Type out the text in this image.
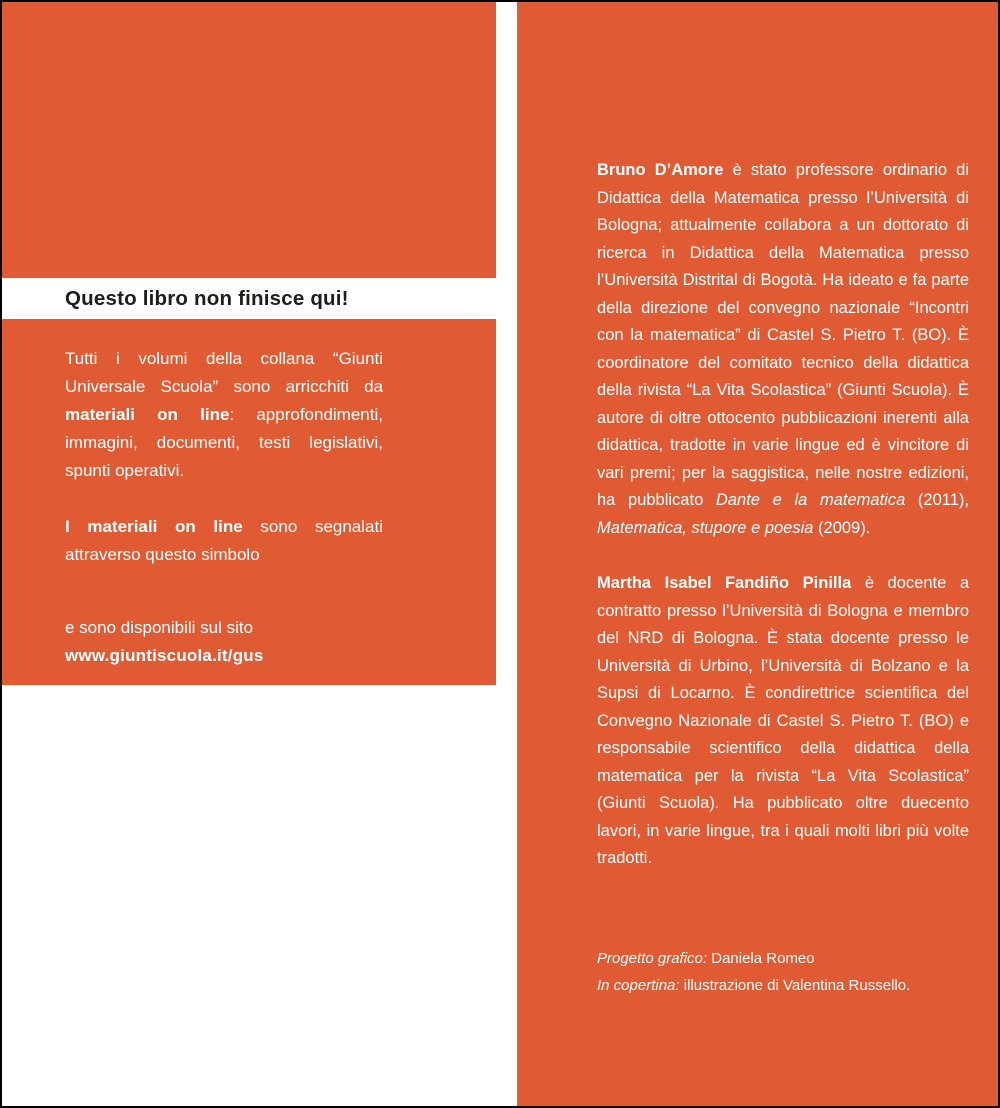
Questo libro non finisce qui!

Tutti i volumi della collana “Giunti Universale Scuola” sono arricchiti da materiali on line: approfondimenti, immagini, documenti, testi legislativi, spunti operativi.

I materiali on line sono segnalati attraverso questo simbolo

e sono disponibili sul sito

www.giuntiscuola.it/gus

Bruno D’Amore è stato professore ordinario di Didattica della Matematica presso l’Università di Bologna; attualmente collabora a un dottorato di ricerca in Didattica della Matematica presso l’Università Distrital di Bogotà. Ha ideato e fa parte della direzione del convegno nazionale “Incontri con la matematica” di Castel S. Pietro T. (BO). È coordinatore del comitato tecnico della didattica della rivista “La Vita Scolastica” (Giunti Scuola). È autore di oltre ottocento pubblicazioni inerenti alla didattica, tradotte in varie lingue ed è vincitore di vari premi; per la saggistica, nelle nostre edizioni, ha pubblicato Dante e la matematica (2011), Matematica, stupore e poesia (2009).

Martha Isabel Fandiño Pinilla è docente a contratto presso l’Università di Bologna e membro del NRD di Bologna. È stata docente presso le Università di Urbino, l’Università di Bolzano e la Supsi di Locarno. È condirettrice scientifica del Convegno Nazionale di Castel S. Pietro T. (BO) e responsabile scientifico della didattica della matematica per la rivista “La Vita Scolastica” (Giunti Scuola). Ha pubblicato oltre duecento lavori, in varie lingue, tra i quali molti libri più volte tradotti.

Progetto grafico: Daniela Romeo

In copertina: illustrazione di Valentina Russello.
